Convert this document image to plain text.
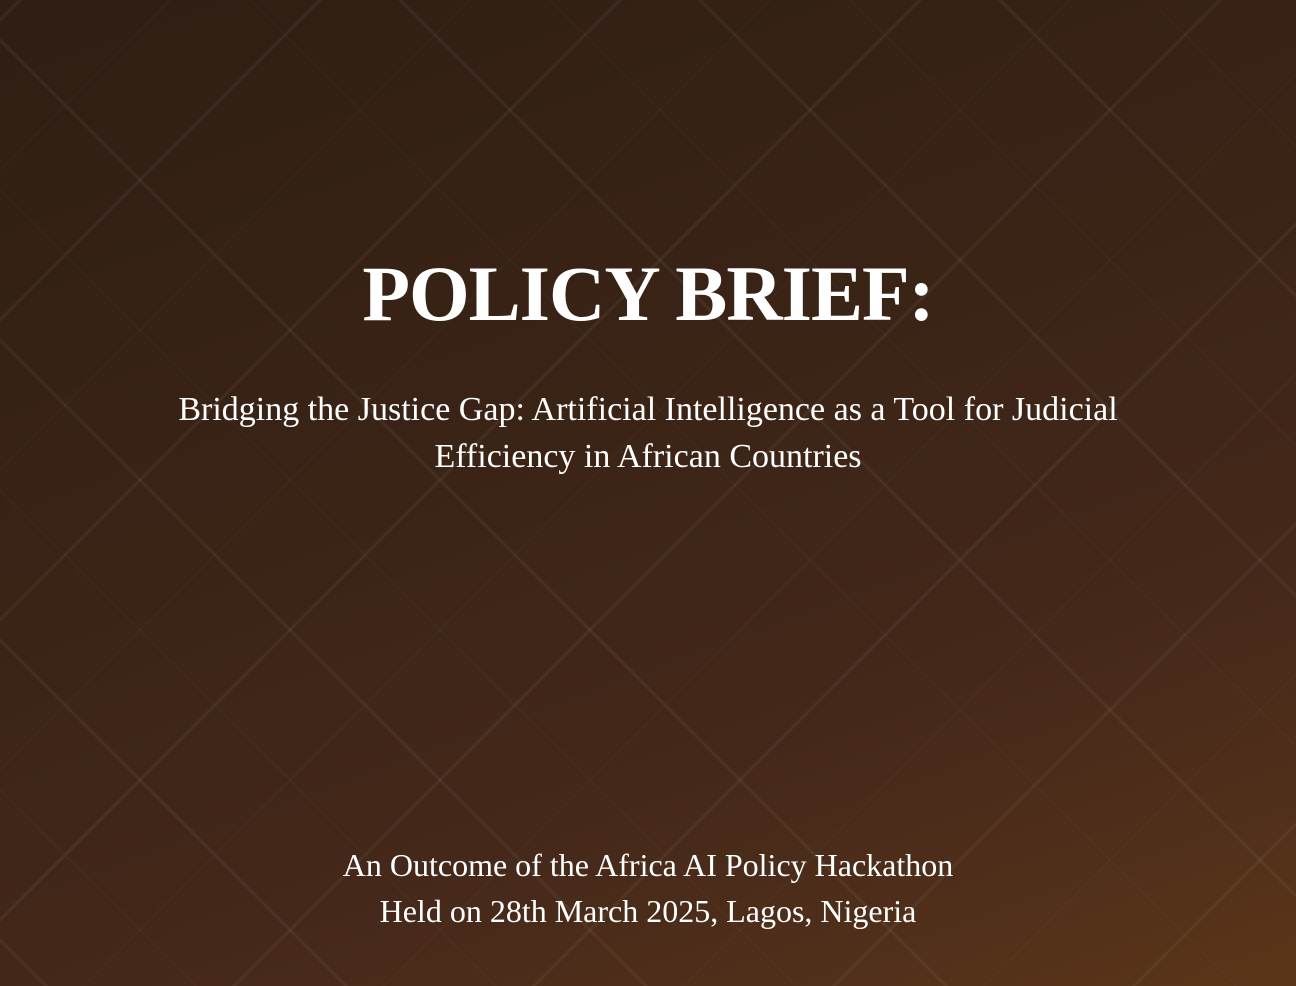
POLICY BRIEF:

Bridging the Justice Gap: Artificial Intelligence as a Tool for Judicial Efficiency in African Countries

An Outcome of the Africa AI Policy Hackathon
Held on 28th March 2025, Lagos, Nigeria
